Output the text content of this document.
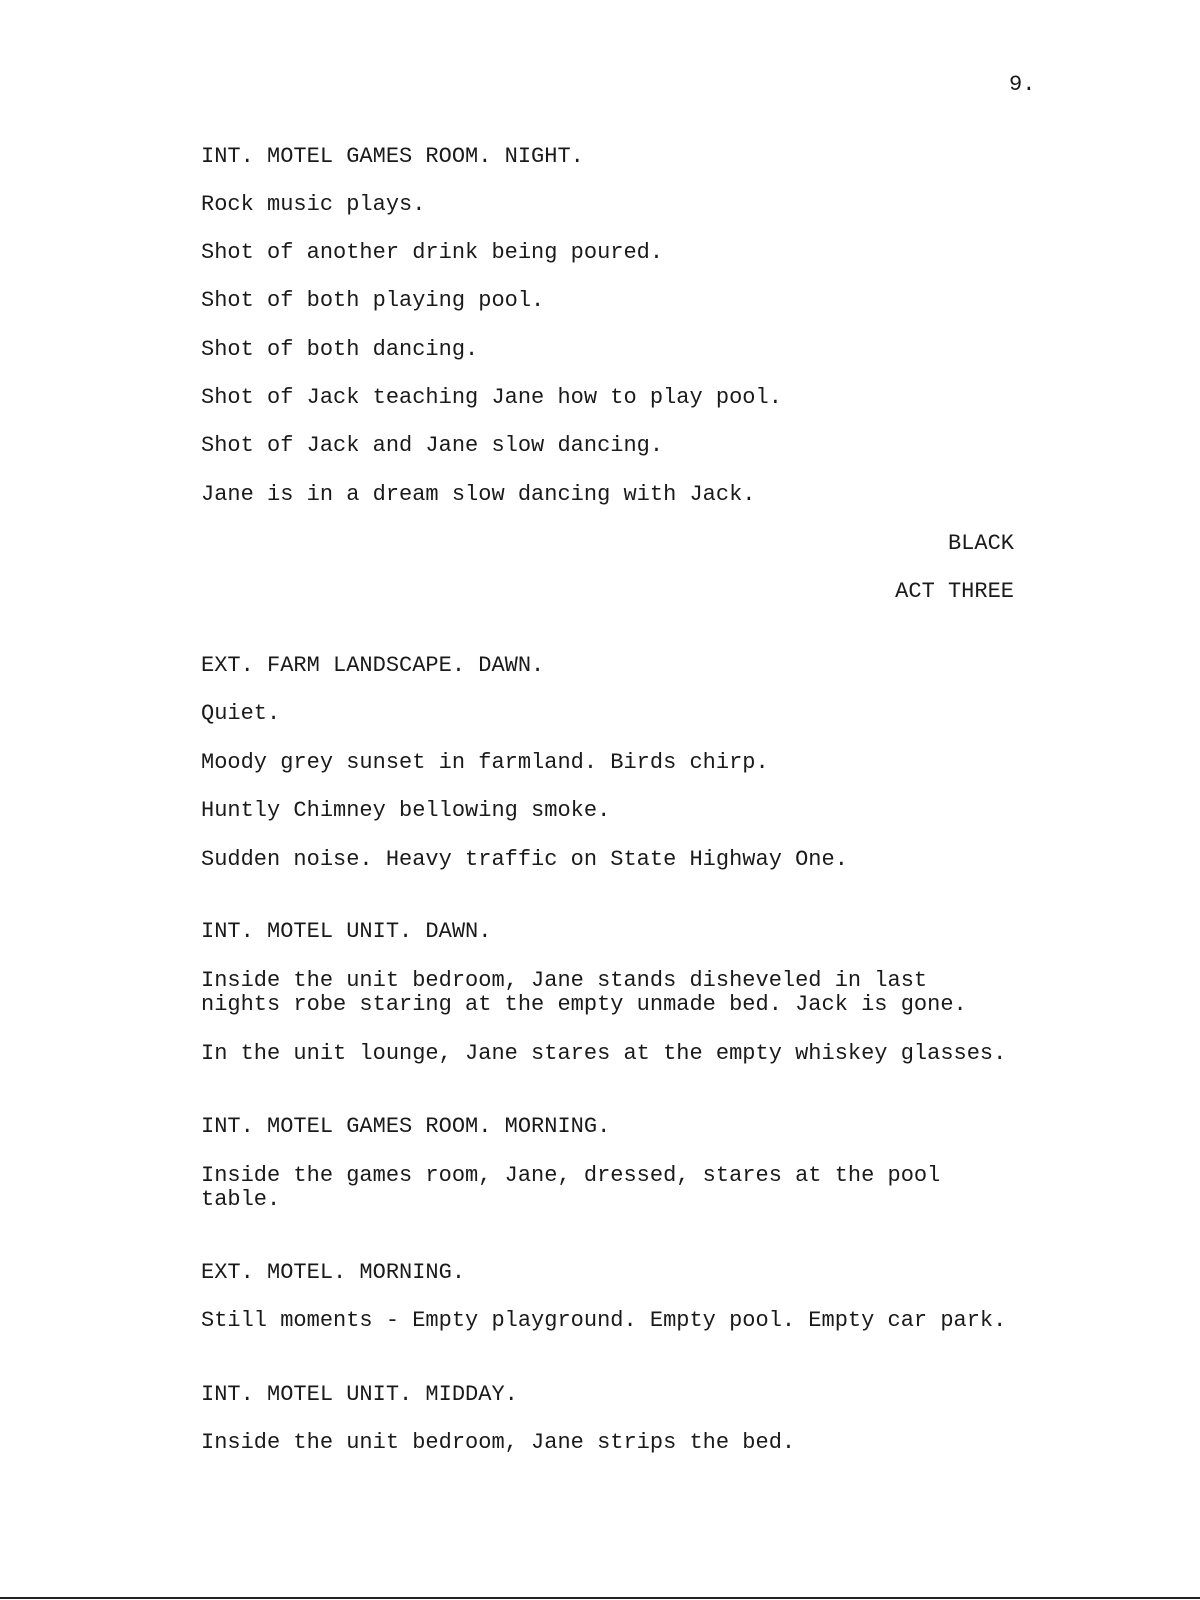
9.
INT. MOTEL GAMES ROOM. NIGHT.
Rock music plays.
Shot of another drink being poured.
Shot of both playing pool.
Shot of both dancing.
Shot of Jack teaching Jane how to play pool.
Shot of Jack and Jane slow dancing.
Jane is in a dream slow dancing with Jack.
BLACK
ACT THREE
EXT. FARM LANDSCAPE. DAWN.
Quiet.
Moody grey sunset in farmland. Birds chirp.
Huntly Chimney bellowing smoke.
Sudden noise. Heavy traffic on State Highway One.
INT. MOTEL UNIT. DAWN.
Inside the unit bedroom, Jane stands disheveled in last
nights robe staring at the empty unmade bed. Jack is gone.
In the unit lounge, Jane stares at the empty whiskey glasses.
INT. MOTEL GAMES ROOM. MORNING.
Inside the games room, Jane, dressed, stares at the pool
table.
EXT. MOTEL. MORNING.
Still moments - Empty playground. Empty pool. Empty car park.
INT. MOTEL UNIT. MIDDAY.
Inside the unit bedroom, Jane strips the bed.
